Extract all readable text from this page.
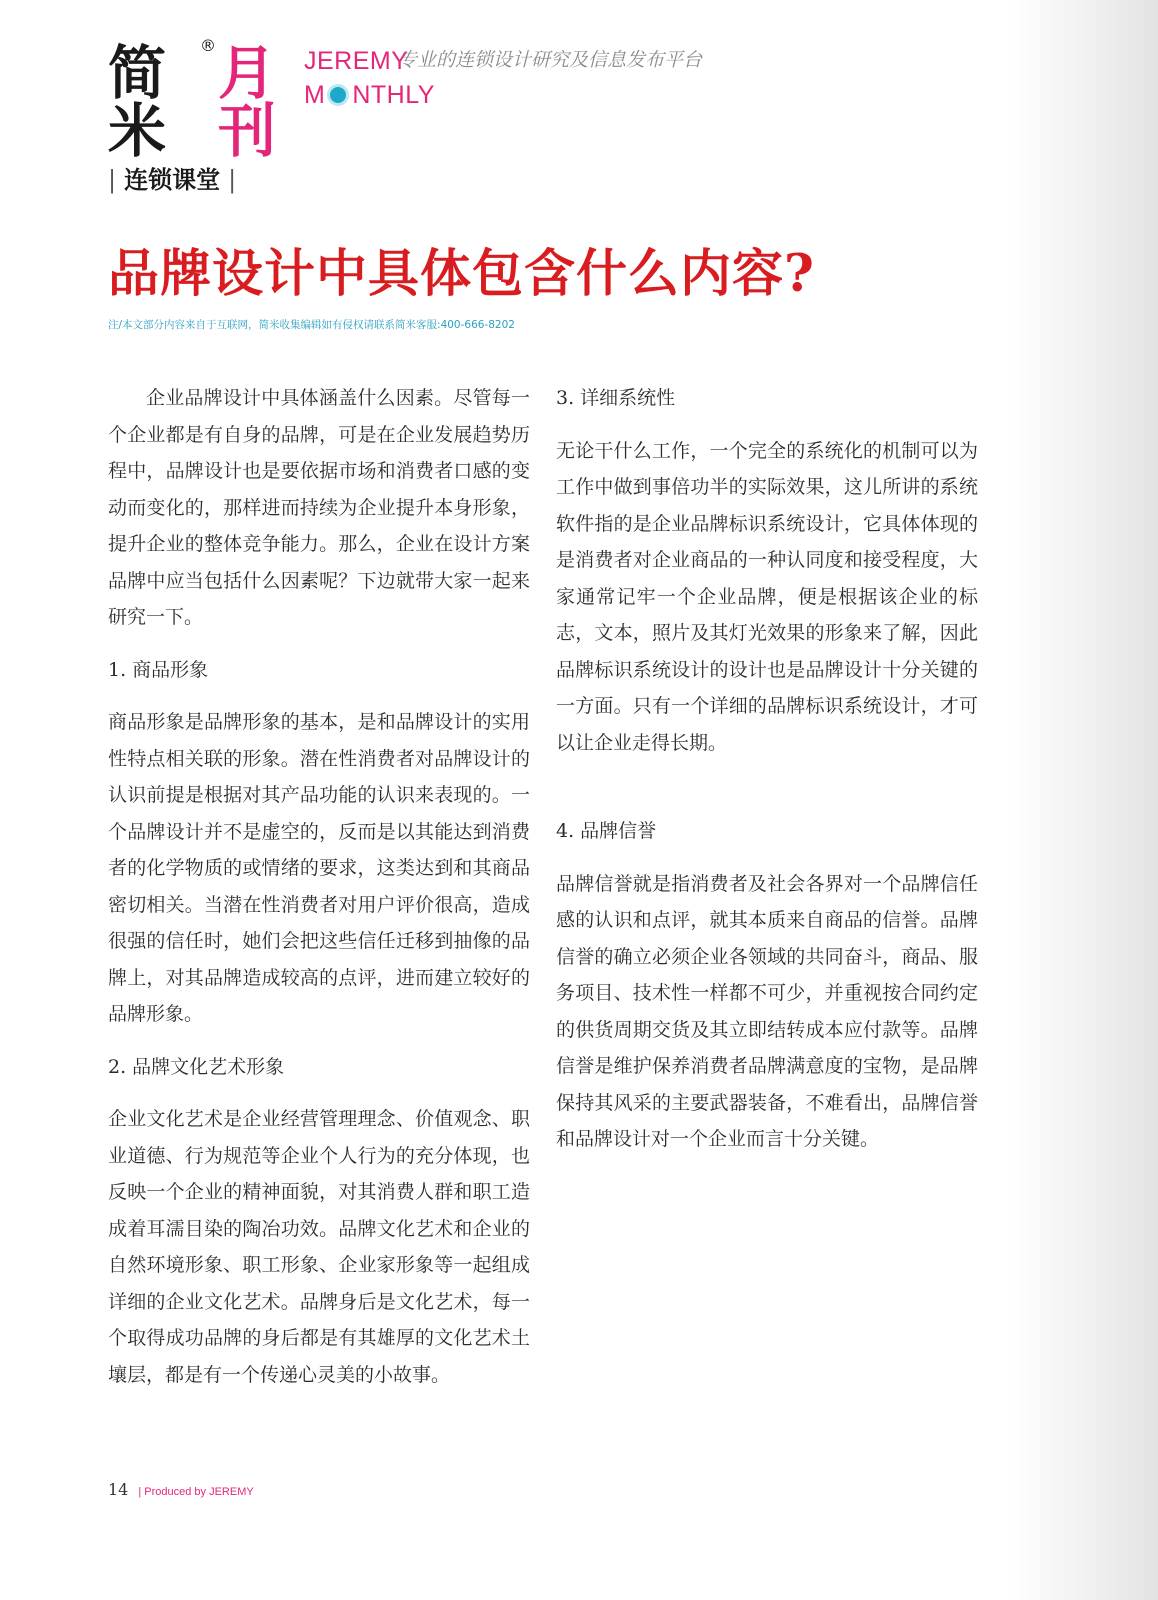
简米
® 月刊
JEREMY
M NTHLY
专业的连锁设计研究及信息发布平台
| 连锁课堂 |
品牌设计中具体包含什么内容?
注/本文部分内容来自于互联网，简米收集编辑如有侵权请联系简米客服:400-666-8202

企业品牌设计中具体涵盖什么因素。尽管每一个企业都是有自身的品牌，可是在企业发展趋势历程中，品牌设计也是要依据市场和消费者口感的变动而变化的，那样进而持续为企业提升本身形象，提升企业的整体竞争能力。那么，企业在设计方案品牌中应当包括什么因素呢？下边就带大家一起来研究一下。

1. 商品形象

商品形象是品牌形象的基本，是和品牌设计的实用性特点相关联的形象。潜在性消费者对品牌设计的认识前提是根据对其产品功能的认识来表现的。一个品牌设计并不是虚空的，反而是以其能达到消费者的化学物质的或情绪的要求，这类达到和其商品密切相关。当潜在性消费者对用户评价很高，造成很强的信任时，她们会把这些信任迁移到抽像的品牌上，对其品牌造成较高的点评，进而建立较好的品牌形象。

2. 品牌文化艺术形象

企业文化艺术是企业经营管理理念、价值观念、职业道德、行为规范等企业个人行为的充分体现，也反映一个企业的精神面貌，对其消费人群和职工造成着耳濡目染的陶冶功效。品牌文化艺术和企业的自然环境形象、职工形象、企业家形象等一起组成详细的企业文化艺术。品牌身后是文化艺术，每一个取得成功品牌的身后都是有其雄厚的文化艺术土壤层，都是有一个传递心灵美的小故事。

3. 详细系统性

无论干什么工作，一个完全的系统化的机制可以为工作中做到事倍功半的实际效果，这儿所讲的系统软件指的是企业品牌标识系统设计，它具体体现的是消费者对企业商品的一种认同度和接受程度，大家通常记牢一个企业品牌，便是根据该企业的标志，文本，照片及其灯光效果的形象来了解，因此品牌标识系统设计的设计也是品牌设计十分关键的一方面。只有一个详细的品牌标识系统设计，才可以让企业走得长期。

4. 品牌信誉

品牌信誉就是指消费者及社会各界对一个品牌信任感的认识和点评，就其本质来自商品的信誉。品牌信誉的确立必须企业各领域的共同奋斗，商品、服务项目、技术性一样都不可少，并重视按合同约定的供货周期交货及其立即结转成本应付款等。品牌信誉是维护保养消费者品牌满意度的宝物，是品牌保持其风采的主要武器装备，不难看出，品牌信誉和品牌设计对一个企业而言十分关键。

14 | Produced by JEREMY
